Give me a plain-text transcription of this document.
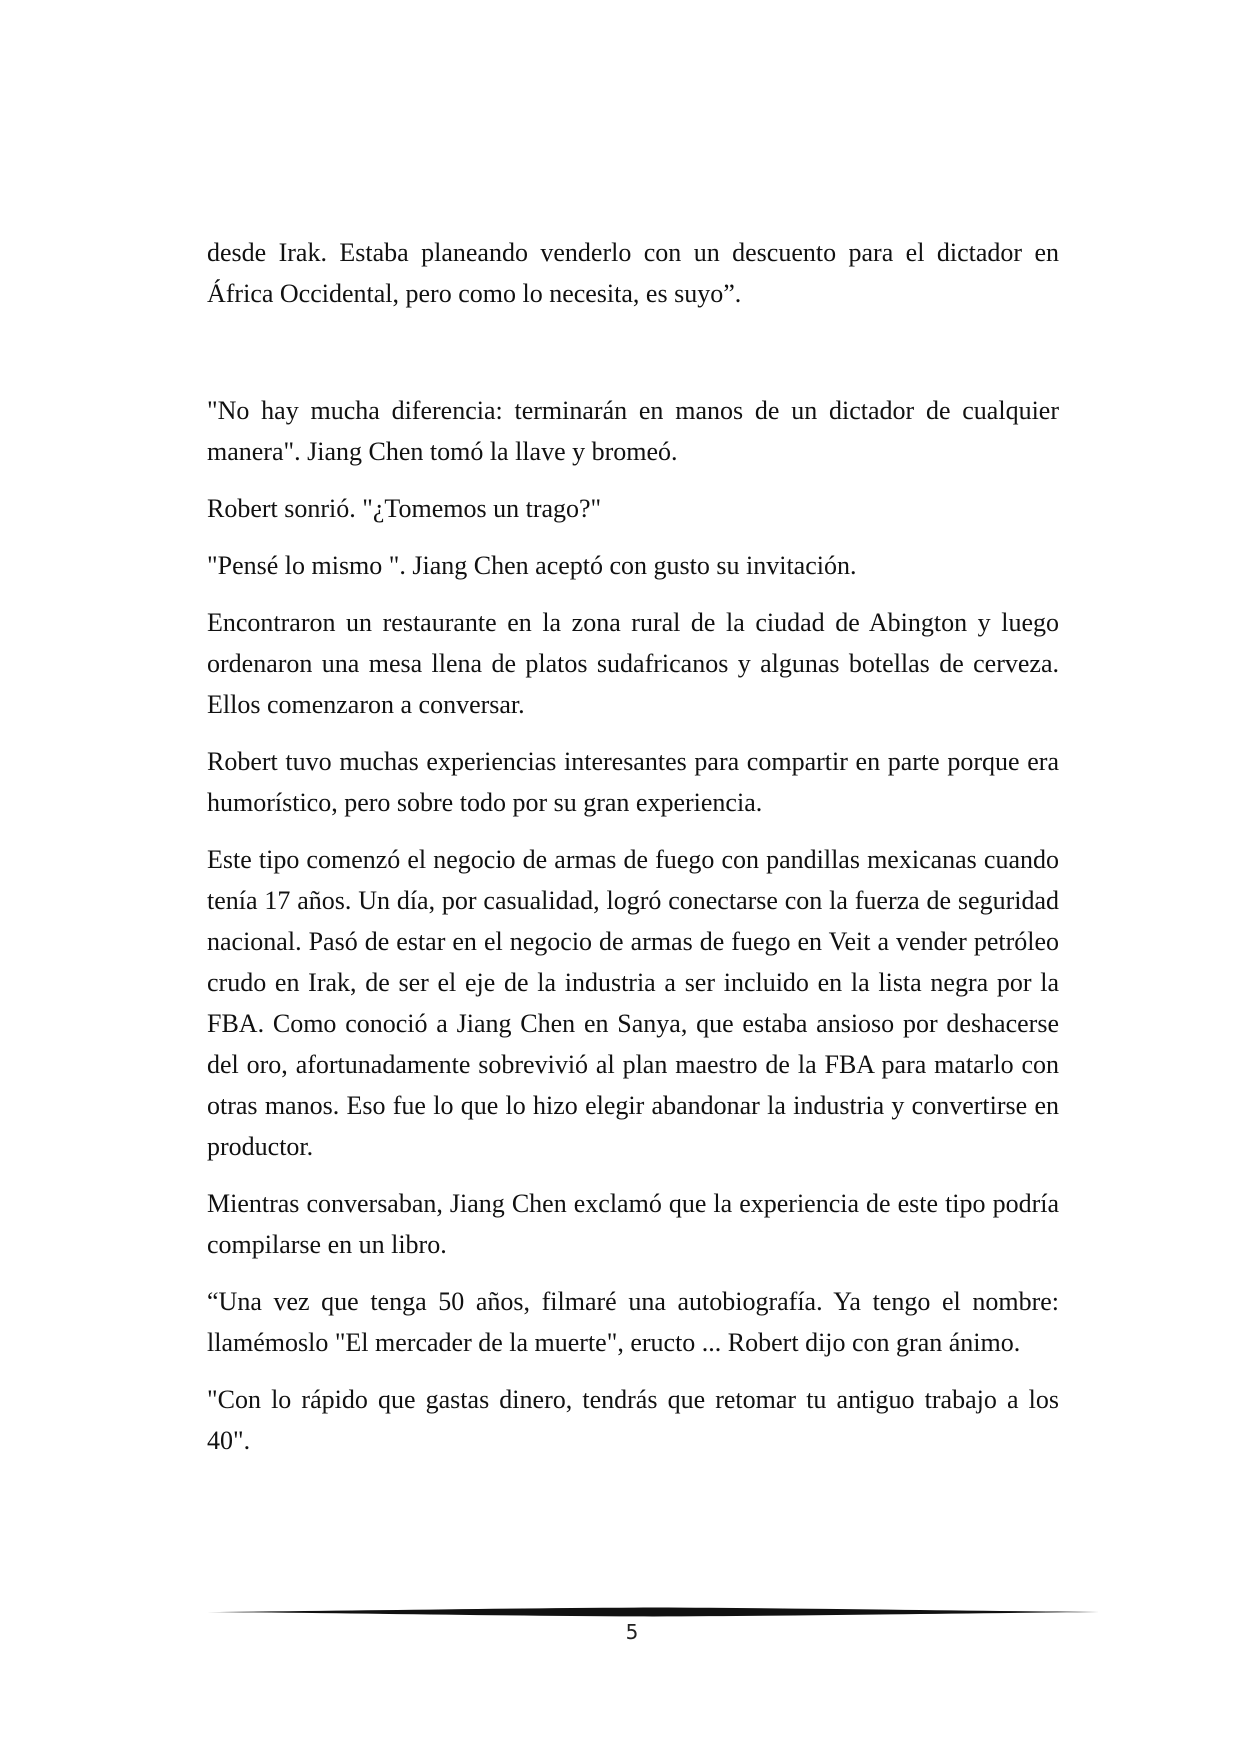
desde Irak. Estaba planeando venderlo con un descuento para el dictador en África Occidental, pero como lo necesita, es suyo”.

"No hay mucha diferencia: terminarán en manos de un dictador de cualquier manera". Jiang Chen tomó la llave y bromeó.

Robert sonrió. "¿Tomemos un trago?"

"Pensé lo mismo ". Jiang Chen aceptó con gusto su invitación.

Encontraron un restaurante en la zona rural de la ciudad de Abington y luego ordenaron una mesa llena de platos sudafricanos y algunas botellas de cerveza. Ellos comenzaron a conversar.

Robert tuvo muchas experiencias interesantes para compartir en parte porque era humorístico, pero sobre todo por su gran experiencia.

Este tipo comenzó el negocio de armas de fuego con pandillas mexicanas cuando tenía 17 años. Un día, por casualidad, logró conectarse con la fuerza de seguridad nacional. Pasó de estar en el negocio de armas de fuego en Veit a vender petróleo crudo en Irak, de ser el eje de la industria a ser incluido en la lista negra por la FBA. Como conoció a Jiang Chen en Sanya, que estaba ansioso por deshacerse del oro, afortunadamente sobrevivió al plan maestro de la FBA para matarlo con otras manos. Eso fue lo que lo hizo elegir abandonar la industria y convertirse en productor.

Mientras conversaban, Jiang Chen exclamó que la experiencia de este tipo podría compilarse en un libro.

“Una vez que tenga 50 años, filmaré una autobiografía. Ya tengo el nombre: llamémoslo "El mercader de la muerte", eructo ... Robert dijo con gran ánimo.

"Con lo rápido que gastas dinero, tendrás que retomar tu antiguo trabajo a los 40".

5
